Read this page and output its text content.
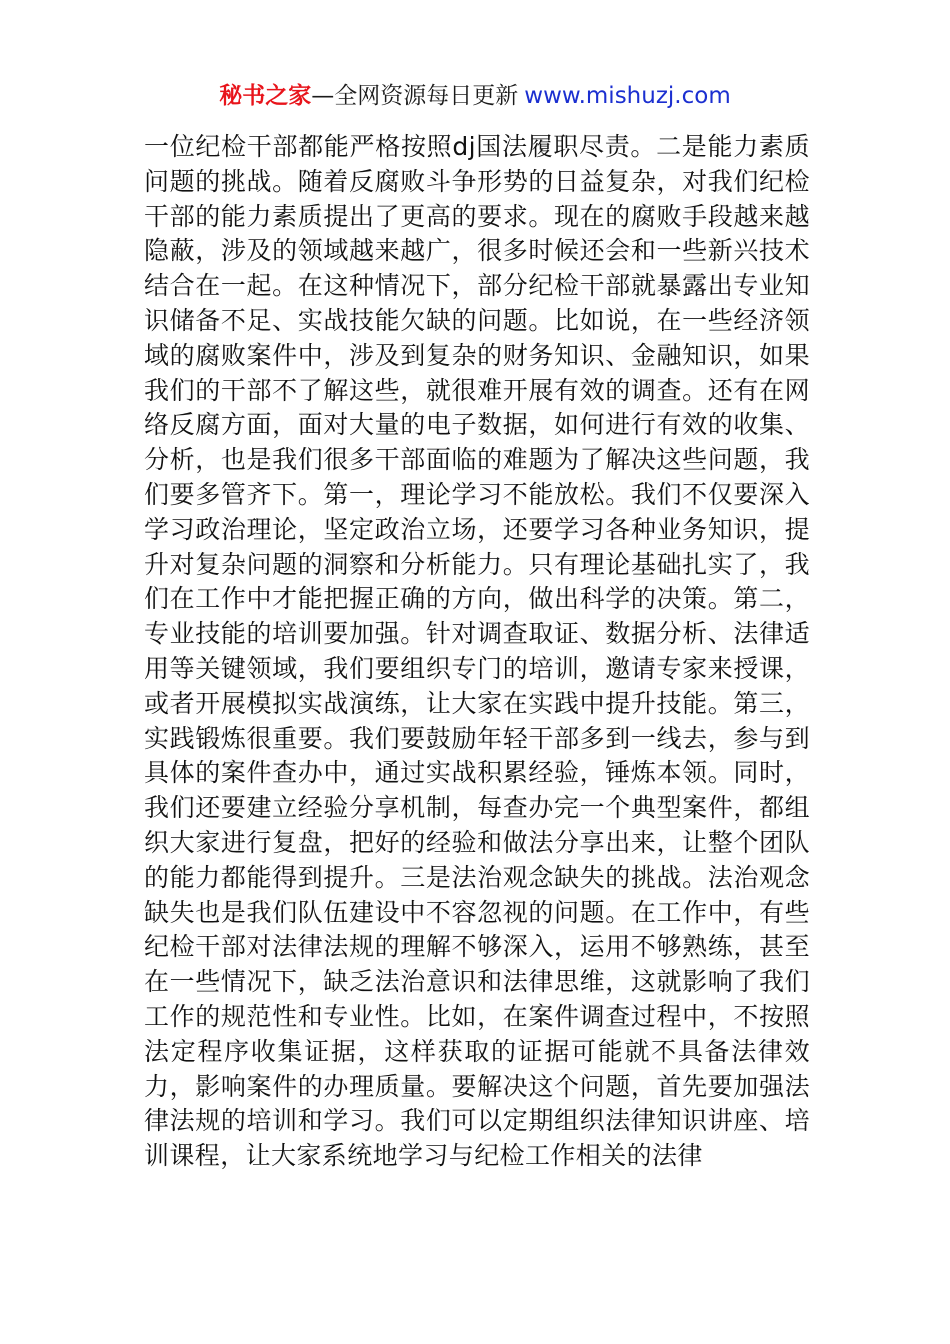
秘书之家—全网资源每日更新 www.mishuzj.com

一位纪检干部都能严格按照dj国法履职尽责。二是能力素质问题的挑战。随着反腐败斗争形势的日益复杂，对我们纪检干部的能力素质提出了更高的要求。现在的腐败手段越来越隐蔽，涉及的领域越来越广，很多时候还会和一些新兴技术结合在一起。在这种情况下，部分纪检干部就暴露出专业知识储备不足、实战技能欠缺的问题。比如说，在一些经济领域的腐败案件中，涉及到复杂的财务知识、金融知识，如果我们的干部不了解这些，就很难开展有效的调查。还有在网络反腐方面，面对大量的电子数据，如何进行有效的收集、分析，也是我们很多干部面临的难题为了解决这些问题，我们要多管齐下。第一，理论学习不能放松。我们不仅要深入学习政治理论，坚定政治立场，还要学习各种业务知识，提升对复杂问题的洞察和分析能力。只有理论基础扎实了，我们在工作中才能把握正确的方向，做出科学的决策。第二，专业技能的培训要加强。针对调查取证、数据分析、法律适用等关键领域，我们要组织专门的培训，邀请专家来授课，或者开展模拟实战演练，让大家在实践中提升技能。第三，实践锻炼很重要。我们要鼓励年轻干部多到一线去，参与到具体的案件查办中，通过实战积累经验，锤炼本领。同时，我们还要建立经验分享机制，每查办完一个典型案件，都组织大家进行复盘，把好的经验和做法分享出来，让整个团队的能力都能得到提升。三是法治观念缺失的挑战。法治观念缺失也是我们队伍建设中不容忽视的问题。在工作中，有些纪检干部对法律法规的理解不够深入，运用不够熟练，甚至在一些情况下，缺乏法治意识和法律思维，这就影响了我们工作的规范性和专业性。比如，在案件调查过程中，不按照法定程序收集证据，这样获取的证据可能就不具备法律效力，影响案件的办理质量。要解决这个问题，首先要加强法律法规的培训和学习。我们可以定期组织法律知识讲座、培训课程，让大家系统地学习与纪检工作相关的法律
